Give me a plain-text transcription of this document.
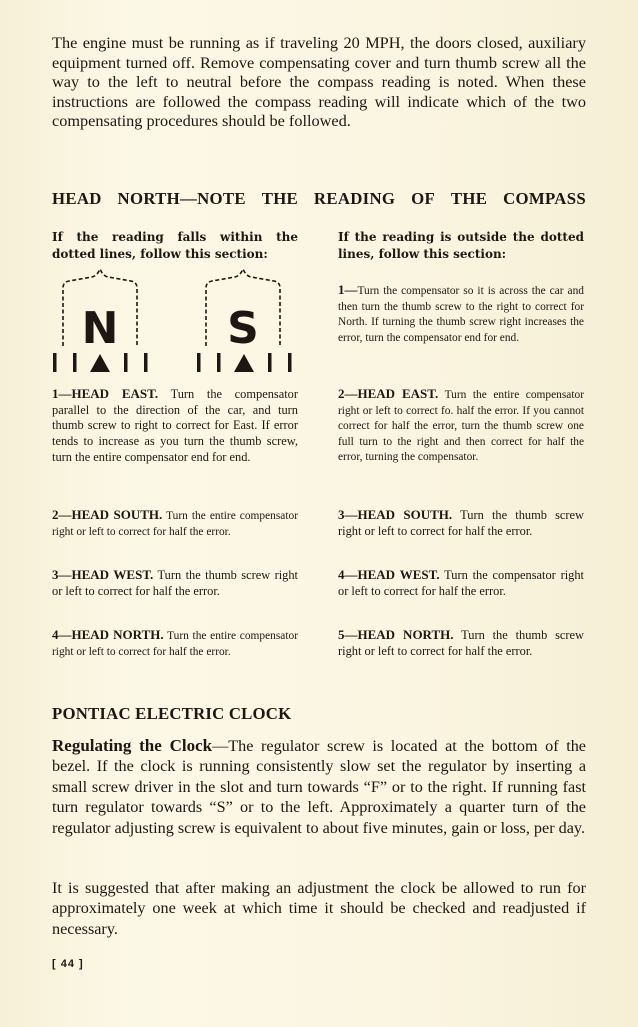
The engine must be running as if traveling 20 MPH, the doors closed, auxiliary equipment turned off. Remove compensating cover and turn thumb screw all the way to the left to neutral before the compass reading is noted. When these instructions are followed the compass reading will indicate which of the two compensating procedures should be followed.

HEAD NORTH—NOTE THE READING OF THE COMPASS

If the reading falls within the dotted lines, follow this section:

N S

1—HEAD EAST. Turn the compensator parallel to the direction of the car, and turn thumb screw to right to correct for East. If error tends to increase as you turn the thumb screw, turn the entire compensator end for end.

2—HEAD SOUTH. Turn the entire compensator right or left to correct for half the error.

3—HEAD WEST. Turn the thumb screw right or left to correct for half the error.

4—HEAD NORTH. Turn the entire compensator right or left to correct for half the error.

If the reading is outside the dotted lines, follow this section:

1—Turn the compensator so it is across the car and then turn the thumb screw to the right to correct for North. If turning the thumb screw right increases the error, turn the compensator end for end.

2—HEAD EAST. Turn the entire compensator right or left to correct fo. half the error. If you cannot correct for half the error, turn the thumb screw one full turn to the right and then correct for half the error, turning the compensator.

3—HEAD SOUTH. Turn the thumb screw right or left to correct for half the error.

4—HEAD WEST. Turn the compensator right or left to correct for half the error.

5—HEAD NORTH. Turn the thumb screw right or left to correct for half the error.

PONTIAC ELECTRIC CLOCK

Regulating the Clock—The regulator screw is located at the bottom of the bezel. If the clock is running consistently slow set the regulator by inserting a small screw driver in the slot and turn towards “F” or to the right. If running fast turn regulator towards “S” or to the left. Approximately a quarter turn of the regulator adjusting screw is equivalent to about five minutes, gain or loss, per day.

It is suggested that after making an adjustment the clock be allowed to run for approximately one week at which time it should be checked and readjusted if necessary.

[ 44 ]
